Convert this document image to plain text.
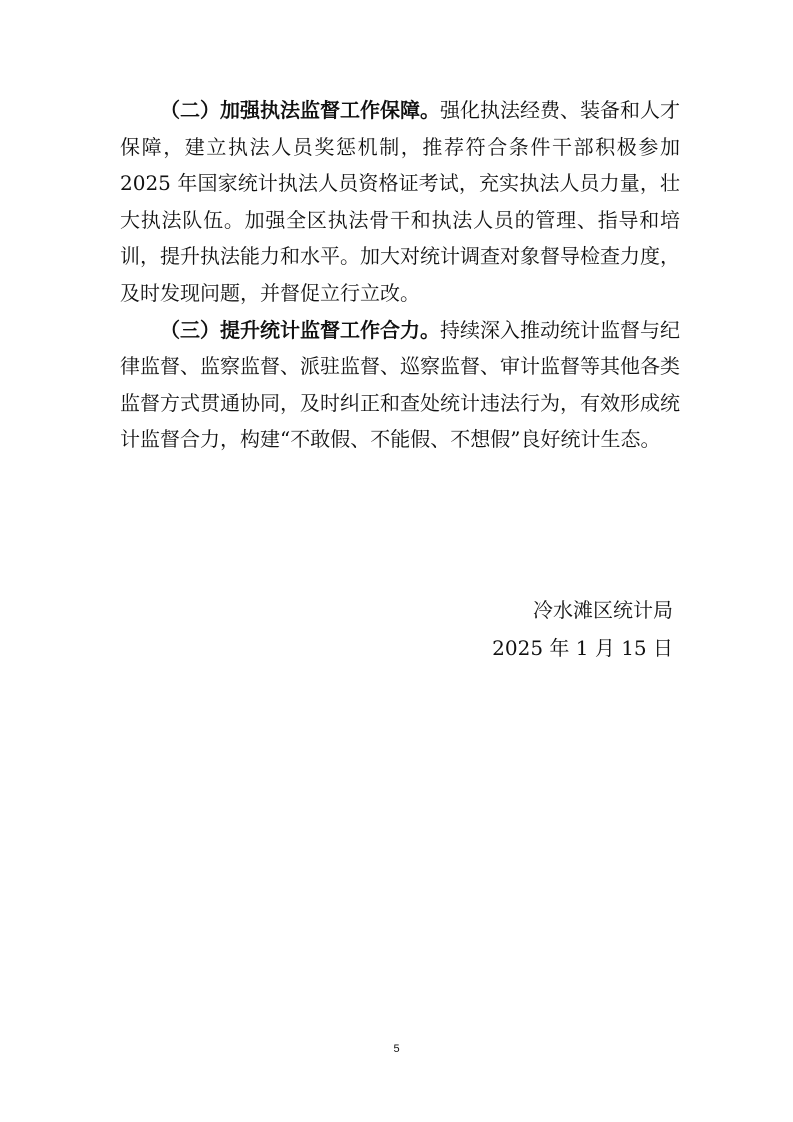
（二）加强执法监督工作保障。强化执法经费、装备和人才保障，建立执法人员奖惩机制，推荐符合条件干部积极参加 2025 年国家统计执法人员资格证考试，充实执法人员力量，壮大执法队伍。加强全区执法骨干和执法人员的管理、指导和培训，提升执法能力和水平。加大对统计调查对象督导检查力度，及时发现问题，并督促立行立改。

（三）提升统计监督工作合力。持续深入推动统计监督与纪律监督、监察监督、派驻监督、巡察监督、审计监督等其他各类监督方式贯通协同，及时纠正和查处统计违法行为，有效形成统计监督合力，构建“不敢假、不能假、不想假”良好统计生态。

冷水滩区统计局
2025 年 1 月 15 日
5
